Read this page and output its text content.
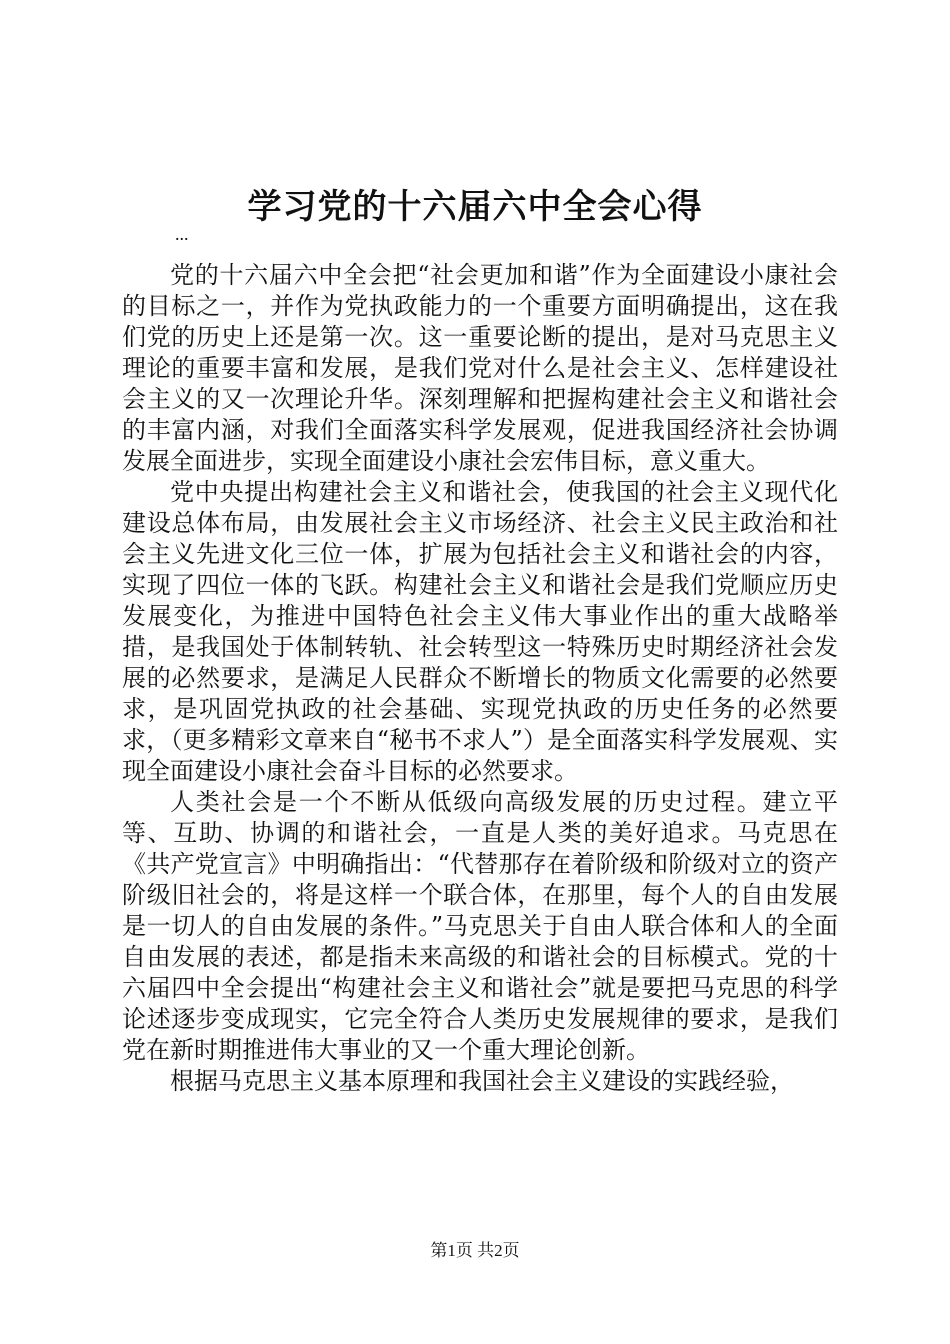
学习党的十六届六中全会心得
...

党的十六届六中全会把“社会更加和谐”作为全面建设小康社会的目标之一，并作为党执政能力的一个重要方面明确提出，这在我们党的历史上还是第一次。这一重要论断的提出，是对马克思主义理论的重要丰富和发展，是我们党对什么是社会主义、怎样建设社会主义的又一次理论升华。深刻理解和把握构建社会主义和谐社会的丰富内涵，对我们全面落实科学发展观，促进我国经济社会协调发展全面进步，实现全面建设小康社会宏伟目标，意义重大。

党中央提出构建社会主义和谐社会，使我国的社会主义现代化建设总体布局，由发展社会主义市场经济、社会主义民主政治和社会主义先进文化三位一体，扩展为包括社会主义和谐社会的内容，实现了四位一体的飞跃。构建社会主义和谐社会是我们党顺应历史发展变化，为推进中国特色社会主义伟大事业作出的重大战略举措，是我国处于体制转轨、社会转型这一特殊历史时期经济社会发展的必然要求，是满足人民群众不断增长的物质文化需要的必然要求，是巩固党执政的社会基础、实现党执政的历史任务的必然要求，（更多精彩文章来自“秘书不求人”）是全面落实科学发展观、实现全面建设小康社会奋斗目标的必然要求。

人类社会是一个不断从低级向高级发展的历史过程。建立平等、互助、协调的和谐社会，一直是人类的美好追求。马克思在《共产党宣言》中明确指出：“代替那存在着阶级和阶级对立的资产阶级旧社会的，将是这样一个联合体，在那里，每个人的自由发展是一切人的自由发展的条件。”马克思关于自由人联合体和人的全面自由发展的表述，都是指未来高级的和谐社会的目标模式。党的十六届四中全会提出“构建社会主义和谐社会”就是要把马克思的科学论述逐步变成现实，它完全符合人类历史发展规律的要求，是我们党在新时期推进伟大事业的又一个重大理论创新。

根据马克思主义基本原理和我国社会主义建设的实践经验，

第1页 共2页
